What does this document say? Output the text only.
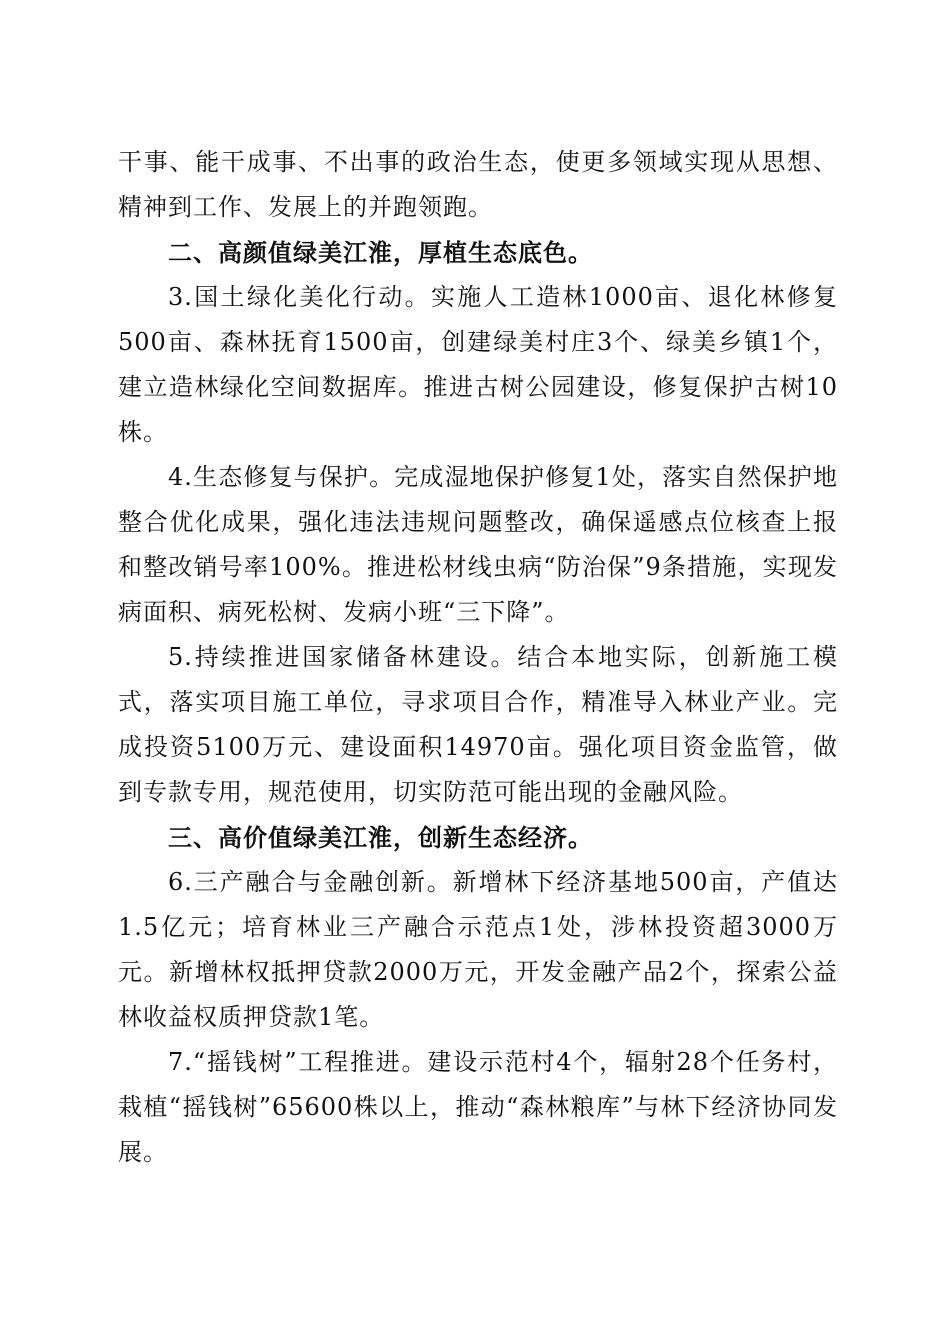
干事、能干成事、不出事的政治生态，使更多领域实现从思想、精神到工作、发展上的并跑领跑。

二、高颜值绿美江淮，厚植生态底色。

3.国土绿化美化行动。实施人工造林1000亩、退化林修复500亩、森林抚育1500亩，创建绿美村庄3个、绿美乡镇1个，建立造林绿化空间数据库。推进古树公园建设，修复保护古树10株。

4.生态修复与保护。完成湿地保护修复1处，落实自然保护地整合优化成果，强化违法违规问题整改，确保遥感点位核查上报和整改销号率100%。推进松材线虫病“防治保”9条措施，实现发病面积、病死松树、发病小班“三下降”。

5.持续推进国家储备林建设。结合本地实际，创新施工模式，落实项目施工单位，寻求项目合作，精准导入林业产业。完成投资5100万元、建设面积14970亩。强化项目资金监管，做到专款专用，规范使用，切实防范可能出现的金融风险。

三、高价值绿美江淮，创新生态经济。

6.三产融合与金融创新。新增林下经济基地500亩，产值达1.5亿元；培育林业三产融合示范点1处，涉林投资超3000万元。新增林权抵押贷款2000万元，开发金融产品2个，探索公益林收益权质押贷款1笔。

7.“摇钱树”工程推进。建设示范村4个，辐射28个任务村，栽植“摇钱树”65600株以上，推动“森林粮库”与林下经济协同发展。
